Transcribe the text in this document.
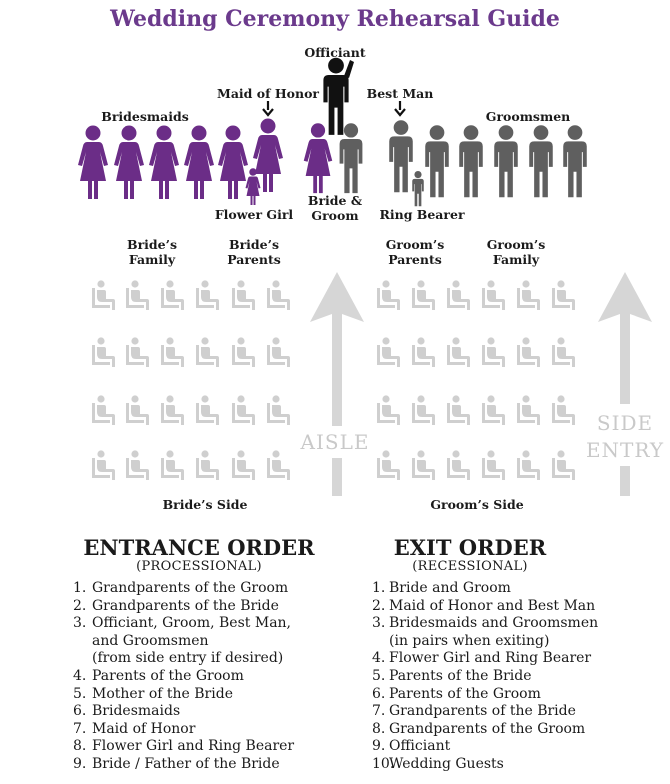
Wedding Ceremony Rehearsal Guide
Officiant
Maid of Honor	Best Man
Bridesmaids	Groomsmen
Flower Girl	Ring Bearer
Bride &
Groom
Bride’s
Family
Bride’s
Parents
Groom’s
Parents
Groom’s
Family
AISLE
SIDE
ENTRY
Bride’s Side	Groom’s Side
ENTRANCE ORDER
(PROCESSIONAL)
1. Grandparents of the Groom
2. Grandparents of the Bride
3. Officiant, Groom, Best Man,
and Groomsmen
(from side entry if desired)
4. Parents of the Groom
5. Mother of the Bride
6. Bridesmaids
7. Maid of Honor
8. Flower Girl and Ring Bearer
9. Bride / Father of the Bride
EXIT ORDER
(RECESSIONAL)
1. Bride and Groom
2. Maid of Honor and Best Man
3. Bridesmaids and Groomsmen
(in pairs when exiting)
4. Flower Girl and Ring Bearer
5. Parents of the Bride
6. Parents of the Groom
7. Grandparents of the Bride
8. Grandparents of the Groom
9. Officiant
10.Wedding Guests
